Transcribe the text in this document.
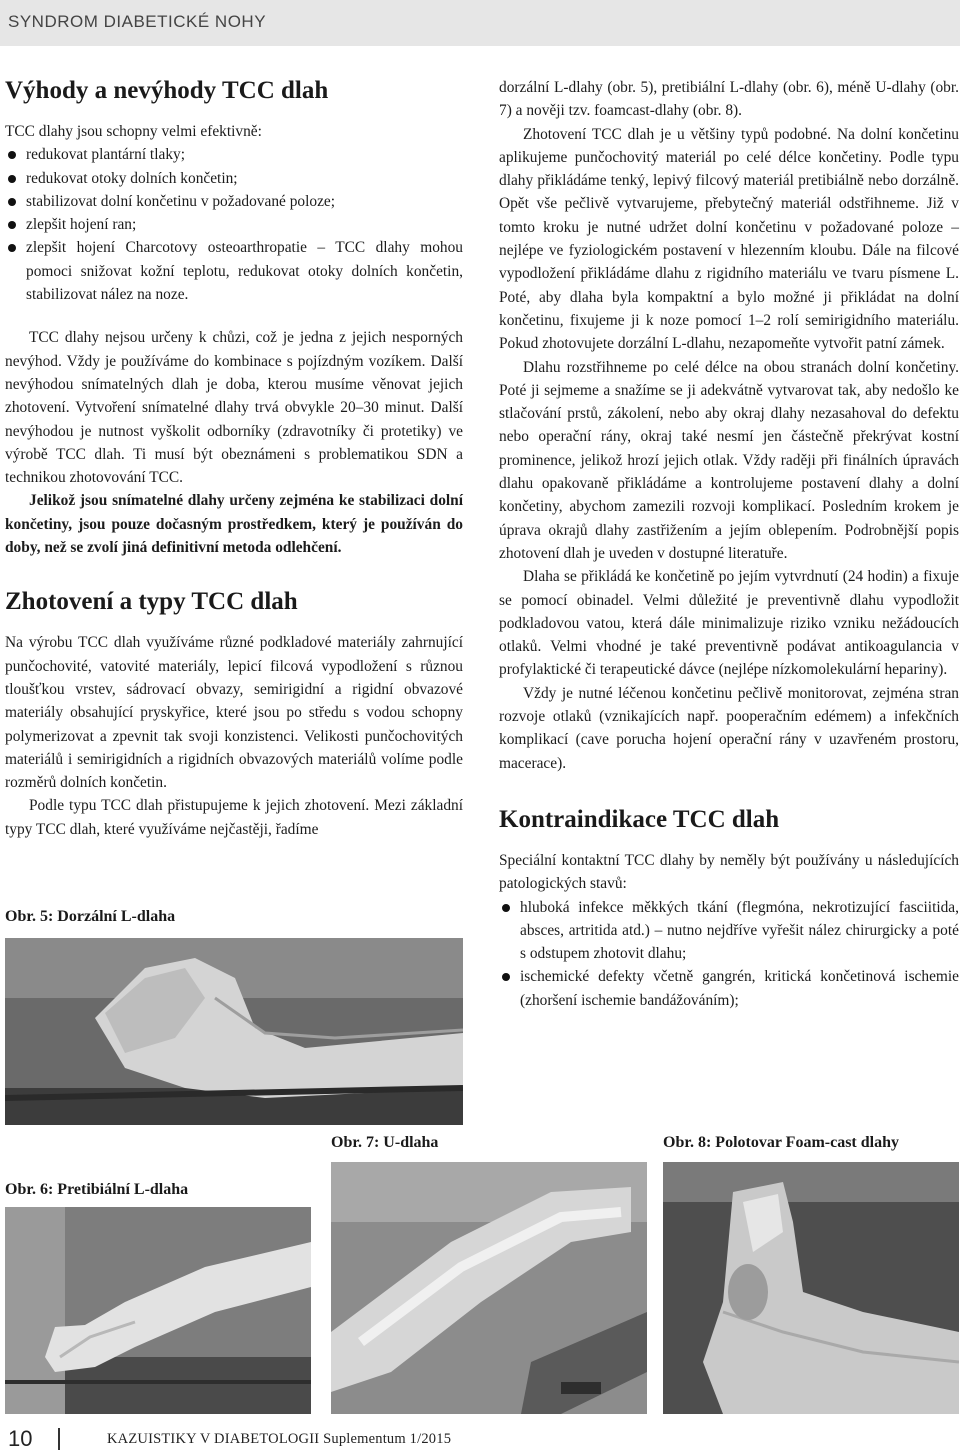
SYNDROM DIABETICKÉ NOHY
Výhody a nevýhody TCC dlah

TCC dlahy jsou schopny velmi efektivně:

redukovat plantární tlaky;
redukovat otoky dolních končetin;
stabilizovat dolní končetinu v požadované poloze;
zlepšit hojení ran;
zlepšit hojení Charcotovy osteoarthropatie – TCC dlahy mohou pomoci snižovat kožní teplotu, redukovat otoky dolních končetin, stabilizovat nález na noze.

TCC dlahy nejsou určeny k chůzi, což je jedna z jejich nesporných nevýhod. Vždy je používáme do kombinace s pojízdným vozíkem. Další nevýhodou snímatelných dlah je doba, kterou musíme věnovat jejich zhotovení. Vytvoření snímatelné dlahy trvá obvykle 20–30 minut. Další nevýhodou je nutnost vyškolit odborníky (zdravotníky či protetiky) ve výrobě TCC dlah. Ti musí být obeznámeni s problematikou SDN a technikou zhotovování TCC.

Jelikož jsou snímatelné dlahy určeny zejména ke stabilizaci dolní končetiny, jsou pouze dočasným prostředkem, který je používán do doby, než se zvolí jiná definitivní metoda odlehčení.

Zhotovení a typy TCC dlah

Na výrobu TCC dlah využíváme různé podkladové materiály zahrnující punčochovité, vatovité materiály, lepicí filcová vypodložení s různou tloušťkou vrstev, sádrovací obvazy, semirigidní a rigidní obvazové materiály obsahující pryskyřice, které jsou po středu s vodou schopny polymerizovat a zpevnit tak svoji konzistenci. Velikosti punčochovitých materiálů i semirigidních a rigidních obvazových materiálů volíme podle rozměrů dolních končetin.

Podle typu TCC dlah přistupujeme k jejich zhotovení. Mezi základní typy TCC dlah, které využíváme nejčastěji, řadíme

dorzální L-dlahy (obr. 5), pretibiální L-dlahy (obr. 6), méně U-dlahy (obr. 7) a nověji tzv. foamcast-dlahy (obr. 8).

Zhotovení TCC dlah je u většiny typů podobné. Na dolní končetinu aplikujeme punčochovitý materiál po celé délce končetiny. Podle typu dlahy přikládáme tenký, lepivý filcový materiál pretibiálně nebo dorzálně. Opět vše pečlivě vytvarujeme, přebytečný materiál odstřihneme. Již v tomto kroku je nutné udržet dolní končetinu v požadované poloze – nejlépe ve fyziologickém postavení v hlezenním kloubu. Dále na filcové vypodložení přikládáme dlahu z rigidního materiálu ve tvaru písmene L. Poté, aby dlaha byla kompaktní a bylo možné ji přikládat na dolní končetinu, fixujeme ji k noze pomocí 1–2 rolí semirigidního materiálu. Pokud zhotovujete dorzální L-dlahu, nezapomeňte vytvořit patní zámek.

Dlahu rozstřihneme po celé délce na obou stranách dolní končetiny. Poté ji sejmeme a snažíme se ji adekvátně vytvarovat tak, aby nedošlo ke stlačování prstů, zákolení, nebo aby okraj dlahy nezasahoval do defektu nebo operační rány, okraj také nesmí jen částečně překrývat kostní prominence, jelikož hrozí jejich otlak. Vždy raději při finálních úpravách dlahu opakovaně přikládáme a kontrolujeme postavení dlahy a dolní končetiny, abychom zamezili rozvoji komplikací. Posledním krokem je úprava okrajů dlahy zastřižením a jejím oblepením. Podrobnější popis zhotovení dlah je uveden v dostupné literatuře.

Dlaha se přikládá ke končetině po jejím vytvrdnutí (24 hodin) a fixuje se pomocí obinadel. Velmi důležité je preventivně dlahu vypodložit podkladovou vatou, která dále minimalizuje riziko vzniku nežádoucích otlaků. Velmi vhodné je také preventivně podávat antikoagulancia v profylaktické či terapeutické dávce (nejlépe nízkomolekulární hepariny).

Vždy je nutné léčenou končetinu pečlivě monitorovat, zejména stran rozvoje otlaků (vznikajících např. pooperačním edémem) a infekčních komplikací (cave porucha hojení operační rány v uzavřeném prostoru, macerace).

Kontraindikace TCC dlah

Speciální kontaktní TCC dlahy by neměly být používány u následujících patologických stavů:

hluboká infekce měkkých tkání (flegmóna, nekrotizující fasciitida, absces, artritida atd.) – nutno nejdříve vyřešit nález chirurgicky a poté s odstupem zhotovit dlahu;
ischemické defekty včetně gangrén, kritická končetinová ischemie (zhoršení ischemie bandážováním);
Obr. 5: Dorzální L-dlaha
Obr. 6: Pretibiální L-dlaha
Obr. 7: U-dlaha	Obr. 8: Polotovar Foam-cast dlahy
10	KAZUISTIKY V DIABETOLOGII Suplementum 1/2015
